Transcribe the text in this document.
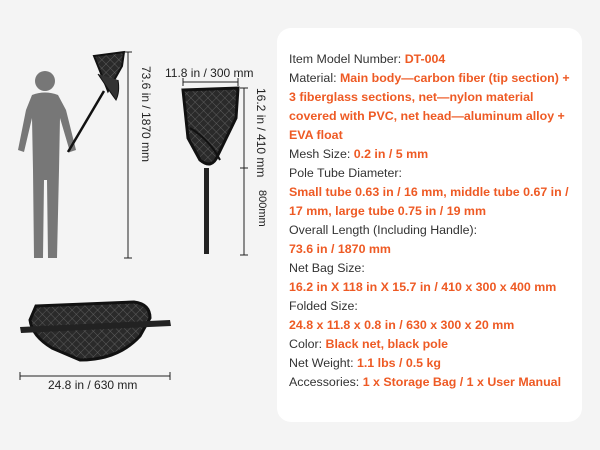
73.6 in / 1870 mm 11.8 in / 300 mm
16.2 in / 410 mm
800mm
24.8 in / 630 mm

Item Model Number: DT-004

Material: Main body—carbon fiber (tip section) + 3 fiberglass sections, net—nylon material covered with PVC, net head—aluminum alloy + EVA float

Mesh Size: 0.2 in / 5 mm

Pole Tube Diameter:

Small tube 0.63 in / 16 mm, middle tube 0.67 in / 17 mm, large tube 0.75 in / 19 mm

Overall Length (Including Handle):

73.6 in / 1870 mm

Net Bag Size:

16.2 in X 118 in X 15.7 in / 410 x 300 x 400 mm

Folded Size:

24.8 x 11.8 x 0.8 in / 630 x 300 x 20 mm

Color: Black net, black pole

Net Weight: 1.1 lbs / 0.5 kg

Accessories: 1 x Storage Bag / 1 x User Manual
